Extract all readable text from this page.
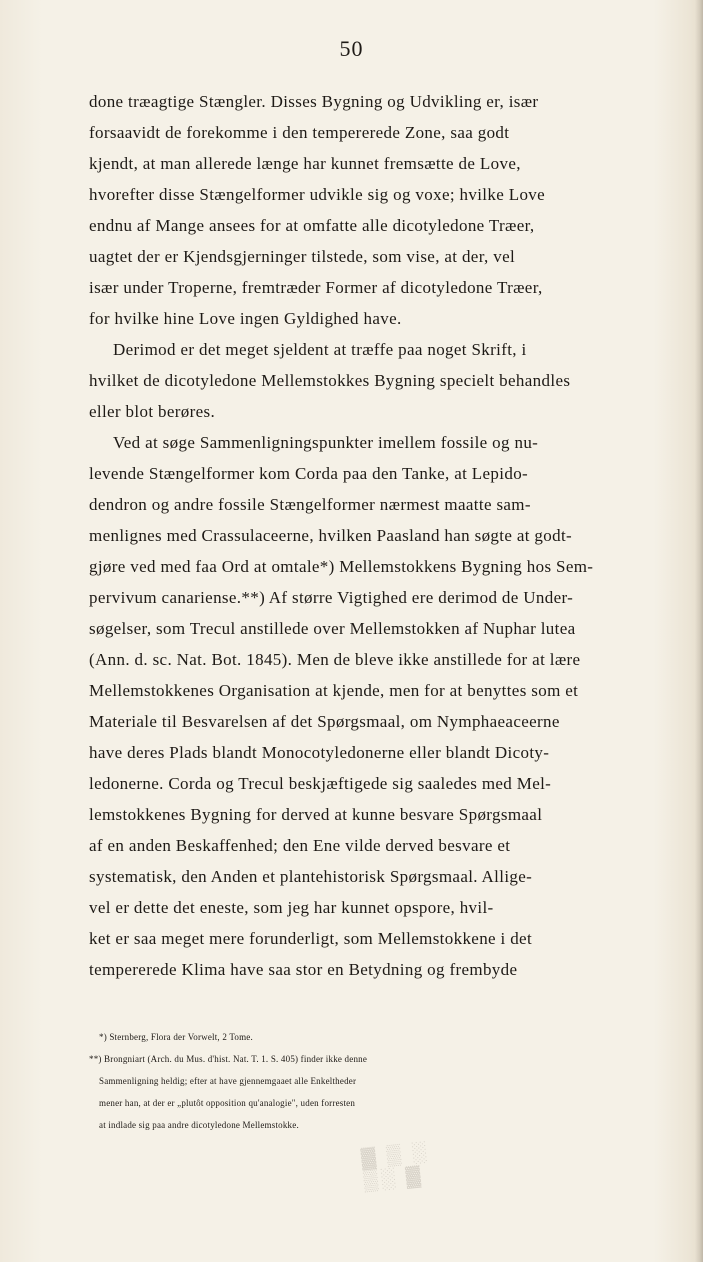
50
done træagtige Stængler. Disses Bygning og Udvikling er, især
forsaavidt de forekomme i den tempererede Zone, saa godt
kjendt, at man allerede længe har kunnet fremsætte de Love,
hvorefter disse Stængelformer udvikle sig og voxe; hvilke Love
endnu af Mange ansees for at omfatte alle dicotyledone Træer,
uagtet der er Kjendsgjerninger tilstede, som vise, at der, vel
især under Troperne, fremtræder Former af dicotyledone Træer,
for hvilke hine Love ingen Gyldighed have.
Derimod er det meget sjeldent at træffe paa noget Skrift, i
hvilket de dicotyledone Mellemstokkes Bygning specielt behandles
eller blot berøres.
Ved at søge Sammenligningspunkter imellem fossile og nu-
levende Stængelformer kom Corda paa den Tanke, at Lepido-
dendron og andre fossile Stængelformer nærmest maatte sam-
menlignes med Crassulaceerne, hvilken Paasland han søgte at godt-
gjøre ved med faa Ord at omtale*) Mellemstokkens Bygning hos Sem-
pervivum canariense.**) Af større Vigtighed ere derimod de Under-
søgelser, som Trecul anstillede over Mellemstokken af Nuphar lutea
(Ann. d. sc. Nat. Bot. 1845). Men de bleve ikke anstillede for at lære
Mellemstokkenes Organisation at kjende, men for at benyttes som et
Materiale til Besvarelsen af det Spørgsmaal, om Nymphaeaceerne
have deres Plads blandt Monocotyledonerne eller blandt Dicoty-
ledonerne. Corda og Trecul beskjæftigede sig saaledes med Mel-
lemstokkenes Bygning for derved at kunne besvare Spørgsmaal
af en anden Beskaffenhed; den Ene vilde derved besvare et
systematisk, den Anden et plantehistorisk Spørgsmaal. Allige-
vel er dette det eneste, som jeg har kunnet opspore, hvil-
ket er saa meget mere forunderligt, som Mellemstokkene i det
tempererede Klima have saa stor en Betydning og frembyde
*) Sternberg, Flora der Vorwelt, 2 Tome.
**) Brongniart (Arch. du Mus. d'hist. Nat. T. 1. S. 405) finder ikke denne
Sammenligning heldig; efter at have gjennemgaaet alle Enkeltheder
mener han, at der er „plutôt opposition qu'analogie", uden forresten
at indlade sig paa andre dicotyledone Mellemstokke.
▓ ▒ ░
▒░ ▓
